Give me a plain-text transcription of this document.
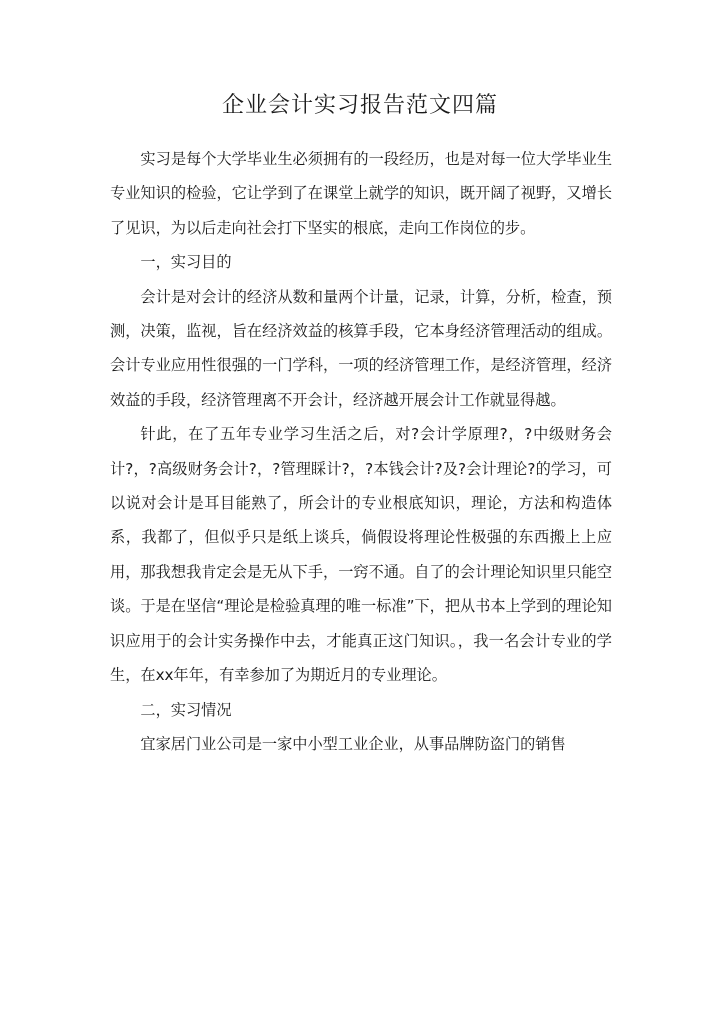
企业会计实习报告范文四篇

实习是每个大学毕业生必须拥有的一段经历，也是对每一位大学毕业生专业知识的检验，它让学到了在课堂上就学的知识，既开阔了视野，又增长了见识，为以后走向社会打下坚实的根底，走向工作岗位的步。

一，实习目的

会计是对会计的经济从数和量两个计量，记录，计算，分析，检查，预测，决策，监视，旨在经济效益的核算手段，它本身经济管理活动的组成。会计专业应用性很强的一门学科，一项的经济管理工作，是经济管理，经济效益的手段，经济管理离不开会计，经济越开展会计工作就显得越。

针此，在了五年专业学习生活之后，对?会计学原理?，?中级财务会计?，?高级财务会计?，?管理睬计?，?本钱会计?及?会计理论?的学习，可以说对会计是耳目能熟了，所会计的专业根底知识，理论，方法和构造体系，我都了，但似乎只是纸上谈兵，倘假设将理论性极强的东西搬上上应用，那我想我肯定会是无从下手，一窍不通。自了的会计理论知识里只能空谈。于是在坚信“理论是检验真理的唯一标准”下，把从书本上学到的理论知识应用于的会计实务操作中去，才能真正这门知识。，我一名会计专业的学生，在xx年年，有幸参加了为期近月的专业理论。

二，实习情况

宜家居门业公司是一家中小型工业企业，从事品牌防盗门的销售
